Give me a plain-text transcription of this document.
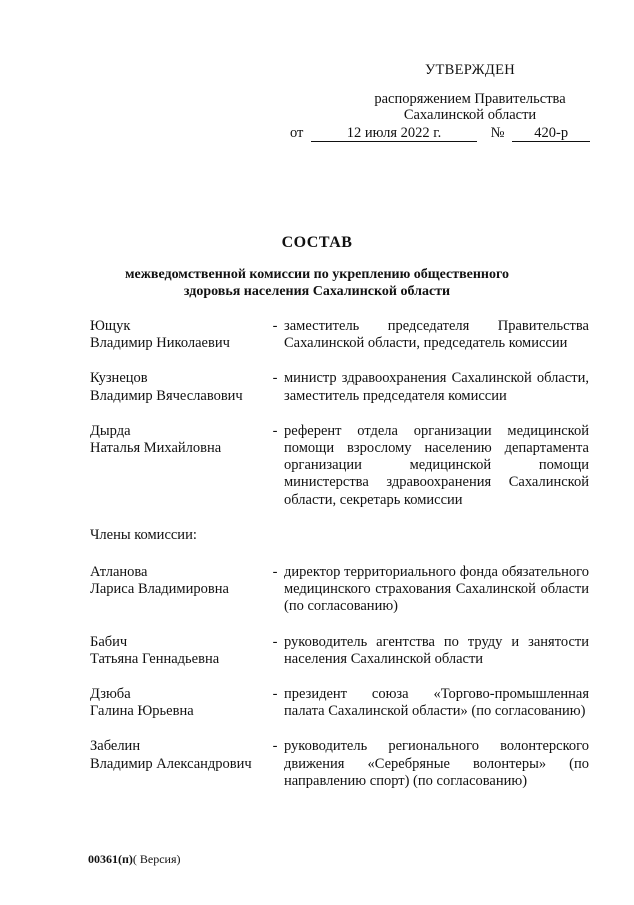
УТВЕРЖДЕН
распоряжением Правительства
Сахалинской области
от	12 июля 2022 г.	№	420-р
СОСТАВ
межведомственной комиссии по укреплению общественного
здоровья населения Сахалинской области
Ющук
Владимир Николаевич
- заместитель председателя Правительства Сахалинской области, председатель комиссии
Кузнецов
Владимир Вячеславович
- министр здравоохранения Сахалинской области, заместитель председателя комиссии
Дырда
Наталья Михайловна
- референт отдела организации медицинской помощи взрослому населению департамента организации медицинской помощи министерства здравоохранения Сахалинской области, секретарь комиссии
Члены комиссии:
Атланова
Лариса Владимировна
- директор территориального фонда обязательного медицинского страхования Сахалинской области (по согласованию)
Бабич
Татьяна Геннадьевна
- руководитель агентства по труду и занятости населения Сахалинской области
Дзюба
Галина Юрьевна
- президент союза «Торгово-промышленная палата Сахалинской области» (по согласованию)
Забелин
Владимир Александрович
- руководитель регионального волонтерского движения «Серебряные волонтеры» (по направлению спорт) (по согласованию)
00361(п)( Версия)
